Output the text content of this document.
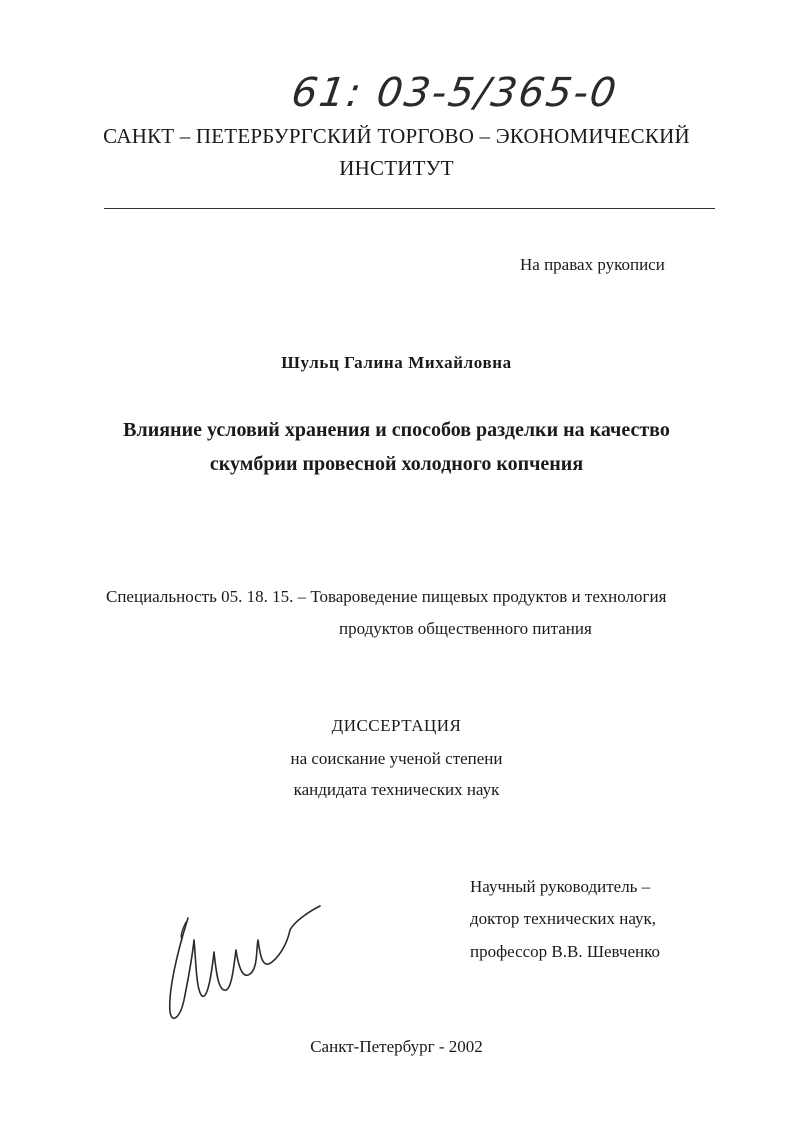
61: 03-5/365-0
САНКТ – ПЕТЕРБУРГСКИЙ ТОРГОВО – ЭКОНОМИЧЕСКИЙ
ИНСТИТУТ
На правах рукописи
Шульц Галина Михайловна
Влияние условий хранения и способов разделки на качество
скумбрии провесной холодного копчения
Специальность 05. 18. 15. – Товароведение пищевых продуктов и технология
продуктов общественного питания
ДИССЕРТАЦИЯ
на соискание ученой степени
кандидата технических наук
Научный руководитель –
доктор технических наук,
профессор В.В. Шевченко
Санкт-Петербург - 2002
